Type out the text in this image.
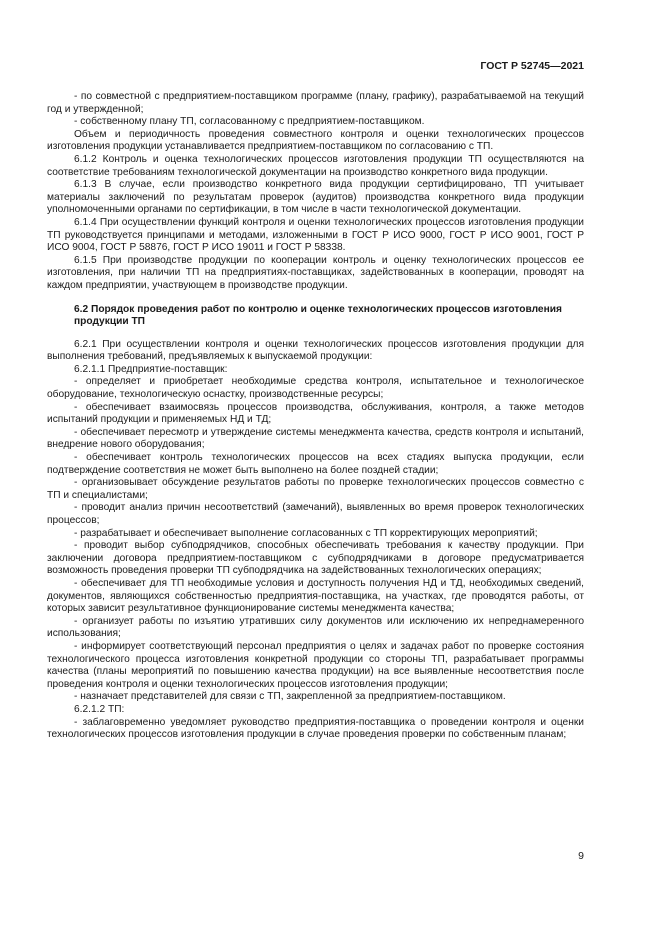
ГОСТ Р 52745—2021

- по совместной с предприятием-поставщиком программе (плану, графику), разрабатываемой на текущий год и утвержденной;

- собственному плану ТП, согласованному с предприятием-поставщиком.

Объем и периодичность проведения совместного контроля и оценки технологических процессов изготовления продукции устанавливается предприятием-поставщиком по согласованию с ТП.

6.1.2 Контроль и оценка технологических процессов изготовления продукции ТП осуществляются на соответствие требованиям технологической документации на производство конкретного вида продукции.

6.1.3 В случае, если производство конкретного вида продукции сертифицировано, ТП учитывает материалы заключений по результатам проверок (аудитов) производства конкретного вида продукции уполномоченными органами по сертификации, в том числе в части технологической документации.

6.1.4 При осуществлении функций контроля и оценки технологических процессов изготовления продукции ТП руководствуется принципами и методами, изложенными в ГОСТ Р ИСО 9000, ГОСТ Р ИСО 9001, ГОСТ Р ИСО 9004, ГОСТ Р 58876, ГОСТ Р ИСО 19011 и ГОСТ Р 58338.

6.1.5 При производстве продукции по кооперации контроль и оценку технологических процессов ее изготовления, при наличии ТП на предприятиях-поставщиках, задействованных в кооперации, проводят на каждом предприятии, участвующем в производстве продукции.

6.2 Порядок проведения работ по контролю и оценке технологических процессов изготовления продукции ТП

6.2.1 При осуществлении контроля и оценки технологических процессов изготовления продукции для выполнения требований, предъявляемых к выпускаемой продукции:

6.2.1.1 Предприятие-поставщик:

- определяет и приобретает необходимые средства контроля, испытательное и технологическое оборудование, технологическую оснастку, производственные ресурсы;

- обеспечивает взаимосвязь процессов производства, обслуживания, контроля, а также методов испытаний продукции и применяемых НД и ТД;

- обеспечивает пересмотр и утверждение системы менеджмента качества, средств контроля и испытаний, внедрение нового оборудования;

- обеспечивает контроль технологических процессов на всех стадиях выпуска продукции, если подтверждение соответствия не может быть выполнено на более поздней стадии;

- организовывает обсуждение результатов работы по проверке технологических процессов совместно с ТП и специалистами;

- проводит анализ причин несоответствий (замечаний), выявленных во время проверок технологических процессов;

- разрабатывает и обеспечивает выполнение согласованных с ТП корректирующих мероприятий;

- проводит выбор субподрядчиков, способных обеспечивать требования к качеству продукции. При заключении договора предприятием-поставщиком с субподрядчиками в договоре предусматривается возможность проведения проверки ТП субподрядчика на задействованных технологических операциях;

- обеспечивает для ТП необходимые условия и доступность получения НД и ТД, необходимых сведений, документов, являющихся собственностью предприятия-поставщика, на участках, где проводятся работы, от которых зависит результативное функционирование системы менеджмента качества;

- организует работы по изъятию утративших силу документов или исключению их непреднамеренного использования;

- информирует соответствующий персонал предприятия о целях и задачах работ по проверке состояния технологического процесса изготовления конкретной продукции со стороны ТП, разрабатывает программы качества (планы мероприятий по повышению качества продукции) на все выявленные несоответствия после проведения контроля и оценки технологических процессов изготовления продукции;

- назначает представителей для связи с ТП, закрепленной за предприятием-поставщиком.

6.2.1.2 ТП:

- заблаговременно уведомляет руководство предприятия-поставщика о проведении контроля и оценки технологических процессов изготовления продукции в случае проведения проверки по собственным планам;

9
